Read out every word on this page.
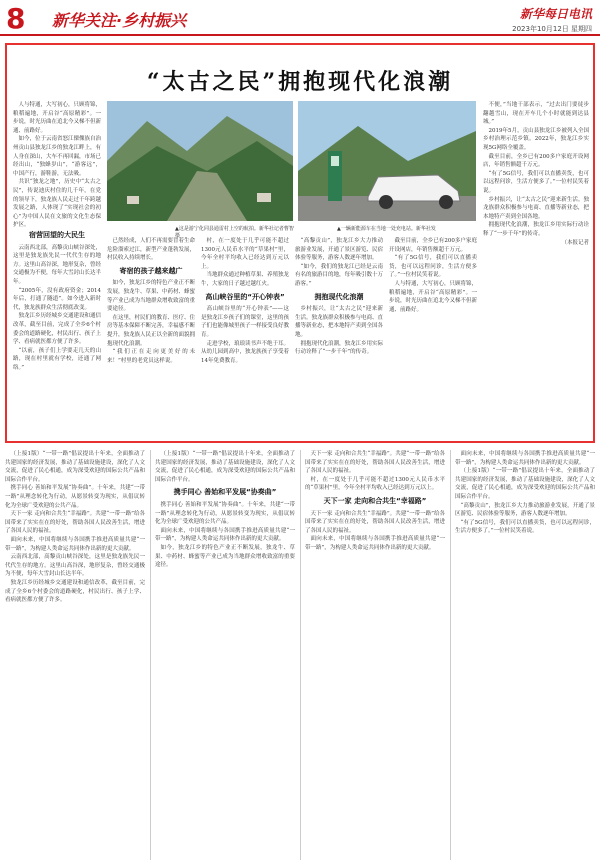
8 新华关注·乡村振兴	新华每日电讯
2023年10月12日 星期四
“太古之民”拥抱现代化浪潮

人与特通，大写初心，只顾将锦，粮稻遍地，开启谷“高原精彩”。一步说，时光历曲在追北今又梯不但新通、前路好。

如今，位于云南省怒江傈僳族自治州贡山县独龙江乡的独龙江畔上，有人身在深山，大车不再回漏，市场已经出山，“独蜂岁山”，“游客远”，中国产行，游鞋游，无法吸。

共识“独龙之地”，历史中“太古之民”，传说迪庆村住的几千年，在党的领导下，独龙族人民走过千年跨越发展之路，人体现了“实现社会的初心”为中国人民在文旅的文化生态保护区。

▲这是游宁化同县通雷村上空的航拍。新华社记者曹智摄
▲一辆新能源车在当地一处充电站。新华社发
宿营回望的大民生

云南西北部，高黎贡山峡谷深处，这里是独龙族先民一代代生存的地方。这里山高谷深，地形复杂，曾经交通极为不便，每年大雪封山长达半年。

“2005年，没有政府资金；2014年后，打通了隧道”。如今进入新时代，独龙族群众生活彻底改变。

独龙江乡历经城乡交通建设和通信改革，截至目前，完成了全乡6个村委会的道路硬化，村民出行、孩子上学、看病就医都方便了许多。

“以前，孩子们上学要走几天的山路，现在村里就有学校，还通了网络。”

已然经成，人们不再需要冒着生命危险溜索过江，新型产业蓬勃发展，村民收入持续增长。

寄宿的孩子越来越广

如今，独龙江乡的特色产业正不断发展，独龙牛、草果、中药材、蜂蜜等产业已成为当地群众增收致富的重要途径。

在这里，村民们的教育、医疗、住房等基本保障不断完善，幸福感不断提升，独龙族人民正以全新的面貌拥抱现代化浪潮。

“我们正在走向更美好的未来！”村里的老党员这样说。

村，在一度处于几乎可能不超过1300元人民币水平的“草果村”里，今年全村平均收入已经达到万元以上。

当地群众通过种植草果、养殖独龙牛，大家的日子越过越红火。

高山峡谷里的“开心钟表”

高山峡谷里的“开心钟表”——这是独龙江乡孩子们的课堂，这里的孩子们也能像城里孩子一样接受良好教育。

走进学校，琅琅读书声不绝于耳。从幼儿园到高中，独龙族孩子享受着14年免费教育。

“高黎贡山”，独龙江乡大力推动旅游业发展，开通了景区游览、民宿体验等服务，游客人数逐年增加。

“如今，我们的独龙江已经是云南有名的旅游目的地，每年吸引数十万游客。”

拥抱现代化浪潮

乡村振兴，让“太古之民”迎来新生活。独龙族群众积极参与电商、直播等新业态，把本地特产卖到全国各地。

拥抱现代化浪潮，独龙江乡用实际行动诠释了“一步千年”的传奇。

截至目前，全乡已有200多户家庭开设网店，年销售额超千万元。

“有了5G信号，我们可以直播卖货，也可以远程问诊，生活方便多了。”一位村民笑着说。

人与特通，大写初心，只顾将锦，粮稻遍地，开启谷“高原精彩”。一步说，时光历曲在追北今又梯不但新通、前路好。

不便，”当地干部表示，“过去出门要徒步翻越雪山，现在开车几个小时就能到达县城。”

2019年5月，贡山县独龙江乡被列入全国乡村治理示范乡镇。2022年，独龙江乡实现5G网络全覆盖。

截至目前，全乡已有200多户家庭开设网店，年销售额超千万元。

“有了5G信号，我们可以直播卖货，也可以远程问诊，生活方便多了。”一位村民笑着说。

乡村振兴，让“太古之民”迎来新生活。独龙族群众积极参与电商、直播等新业态，把本地特产卖到全国各地。

拥抱现代化浪潮，独龙江乡用实际行动诠释了“一步千年”的传奇。

（本报记者

（上接1版）“一带一路”倡议提出十年来，全面推动了共建国家的经济发展，推动了基础设施建设，深化了人文交流，促进了民心相通，成为深受欢迎的国际公共产品和国际合作平台。

携手同心 善始和平发展“协奏曲”。十年来，共建“一带一路”从理念转化为行动，从愿景转变为现实，从倡议转化为全球广受欢迎的公共产品。

天下一家 走向和合共生“幸福路”。共建“一带一路”给各国带来了实实在在的好处，帮助各国人民改善生活，增进了各国人民的福祉。

面向未来，中国将继续与各国携手推进高质量共建“一带一路”，为构建人类命运共同体作出新的更大贡献。

云南西北部，高黎贡山峡谷深处，这里是独龙族先民一代代生存的地方。这里山高谷深，地形复杂，曾经交通极为不便，每年大雪封山长达半年。

独龙江乡历经城乡交通建设和通信改革，截至目前，完成了全乡6个村委会的道路硬化，村民出行、孩子上学、看病就医都方便了许多。

（上接1版）“一带一路”倡议提出十年来，全面推动了共建国家的经济发展，推动了基础设施建设，深化了人文交流，促进了民心相通，成为深受欢迎的国际公共产品和国际合作平台。

携手同心 善始和平发展“协奏曲”

携手同心 善始和平发展“协奏曲”。十年来，共建“一带一路”从理念转化为行动，从愿景转变为现实，从倡议转化为全球广受欢迎的公共产品。

面向未来，中国将继续与各国携手推进高质量共建“一带一路”，为构建人类命运共同体作出新的更大贡献。

如今，独龙江乡的特色产业正不断发展，独龙牛、草果、中药材、蜂蜜等产业已成为当地群众增收致富的重要途径。

天下一家 走向和合共生“幸福路”。共建“一带一路”给各国带来了实实在在的好处，帮助各国人民改善生活，增进了各国人民的福祉。

村，在一度处于几乎可能不超过1300元人民币水平的“草果村”里，今年全村平均收入已经达到万元以上。

天下一家 走向和合共生“幸福路”

天下一家 走向和合共生“幸福路”。共建“一带一路”给各国带来了实实在在的好处，帮助各国人民改善生活，增进了各国人民的福祉。

面向未来，中国将继续与各国携手推进高质量共建“一带一路”，为构建人类命运共同体作出新的更大贡献。

面向未来，中国将继续与各国携手推进高质量共建“一带一路”，为构建人类命运共同体作出新的更大贡献。

（上接1版）“一带一路”倡议提出十年来，全面推动了共建国家的经济发展，推动了基础设施建设，深化了人文交流，促进了民心相通，成为深受欢迎的国际公共产品和国际合作平台。

“高黎贡山”，独龙江乡大力推动旅游业发展，开通了景区游览、民宿体验等服务，游客人数逐年增加。

“有了5G信号，我们可以直播卖货，也可以远程问诊，生活方便多了。”一位村民笑着说。
